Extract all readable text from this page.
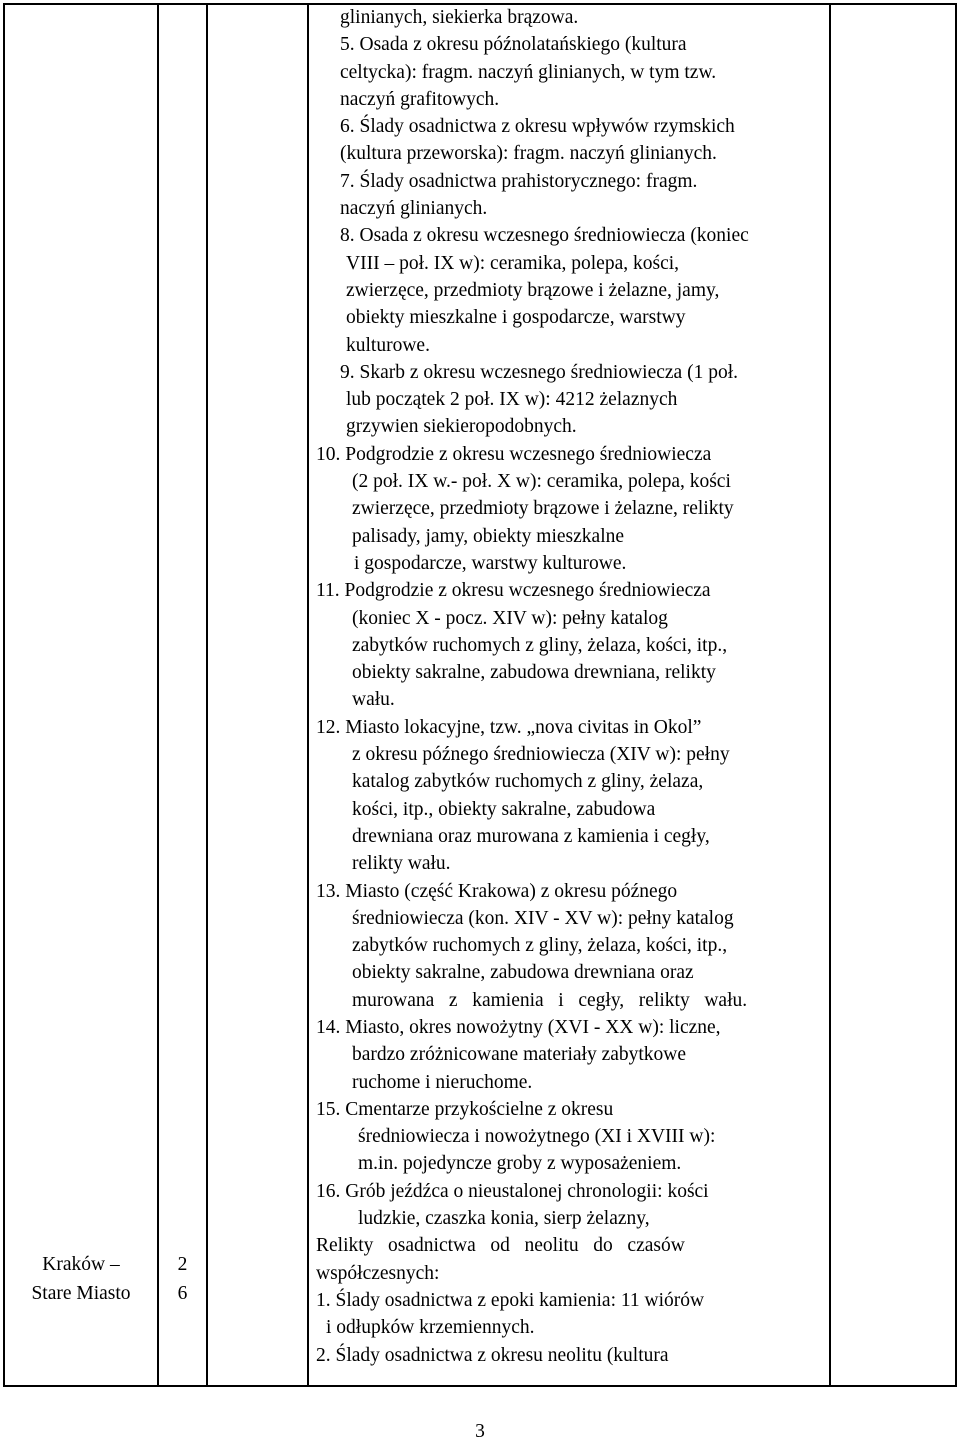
Kraków –
Stare Miasto
2
6
glinianych, siekierka brązowa.
5. Osada z okresu późnolatańskiego (kultura
celtycka): fragm. naczyń glinianych, w tym tzw.
naczyń grafitowych.
6. Ślady osadnictwa z okresu wpływów rzymskich
(kultura przeworska): fragm. naczyń glinianych.
7. Ślady osadnictwa prahistorycznego: fragm.
naczyń glinianych.
8. Osada z okresu wczesnego średniowiecza (koniec
VIII – poł. IX w): ceramika, polepa, kości,
zwierzęce, przedmioty brązowe i żelazne, jamy,
obiekty mieszkalne i gospodarcze, warstwy
kulturowe.
9. Skarb z okresu wczesnego średniowiecza (1 poł.
lub początek 2 poł. IX w): 4212 żelaznych
grzywien siekieropodobnych.
10. Podgrodzie z okresu wczesnego średniowiecza
(2 poł. IX w.- poł. X w): ceramika, polepa, kości
zwierzęce, przedmioty brązowe i żelazne, relikty
palisady, jamy, obiekty mieszkalne
i gospodarcze, warstwy kulturowe.
11. Podgrodzie z okresu wczesnego średniowiecza
(koniec X - pocz. XIV w): pełny katalog
zabytków ruchomych z gliny, żelaza, kości, itp.,
obiekty sakralne, zabudowa drewniana, relikty
wału.
12. Miasto lokacyjne, tzw. „nova civitas in Okol”
z okresu późnego średniowiecza (XIV w): pełny
katalog zabytków ruchomych z gliny, żelaza,
kości, itp., obiekty sakralne, zabudowa
drewniana oraz murowana z kamienia i cegły,
relikty wału.
13. Miasto (część Krakowa) z okresu późnego
średniowiecza (kon. XIV - XV w): pełny katalog
zabytków ruchomych z gliny, żelaza, kości, itp.,
obiekty sakralne, zabudowa drewniana oraz
murowana z kamienia i cegły, relikty wału.
14. Miasto, okres nowożytny (XVI - XX w): liczne,
bardzo zróżnicowane materiały zabytkowe
ruchome i nieruchome.
15. Cmentarze przykościelne z okresu
średniowiecza i nowożytnego (XI i XVIII w):
m.in. pojedyncze groby z wyposażeniem.
16. Grób jeźdźca o nieustalonej chronologii: kości
ludzkie, czaszka konia, sierp żelazny,
Relikty osadnictwa od neolitu do czasów
współczesnych:
1. Ślady osadnictwa z epoki kamienia: 11 wiórów
i odłupków krzemiennych.
2. Ślady osadnictwa z okresu neolitu (kultura
3
